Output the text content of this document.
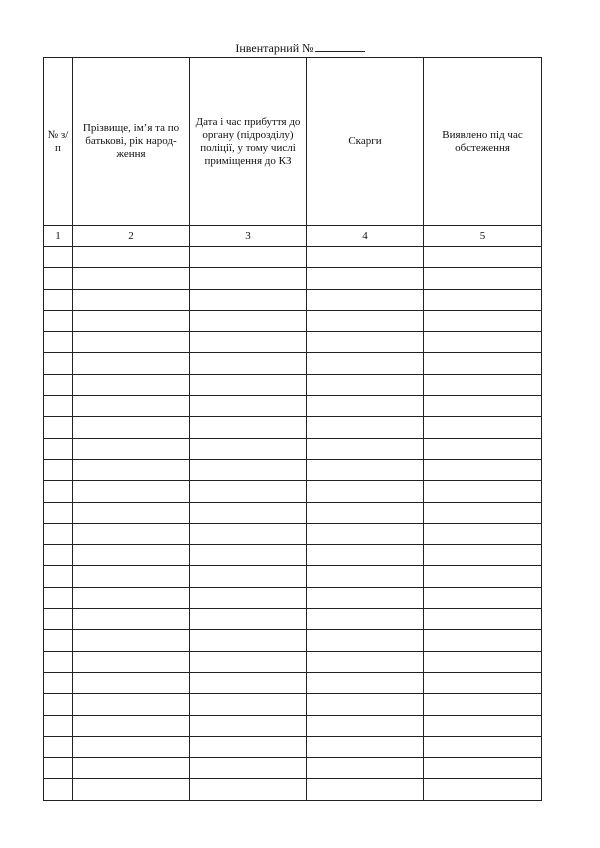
Інвентарний №
№ з/п	Прізвище, ім’я та по батькові, рік народ-ження	Дата і час прибуття до органу (підрозділу) поліції, у тому числі приміщення до КЗ	Скарги	Виявлено під час обстеження
1	2	3	4	5
